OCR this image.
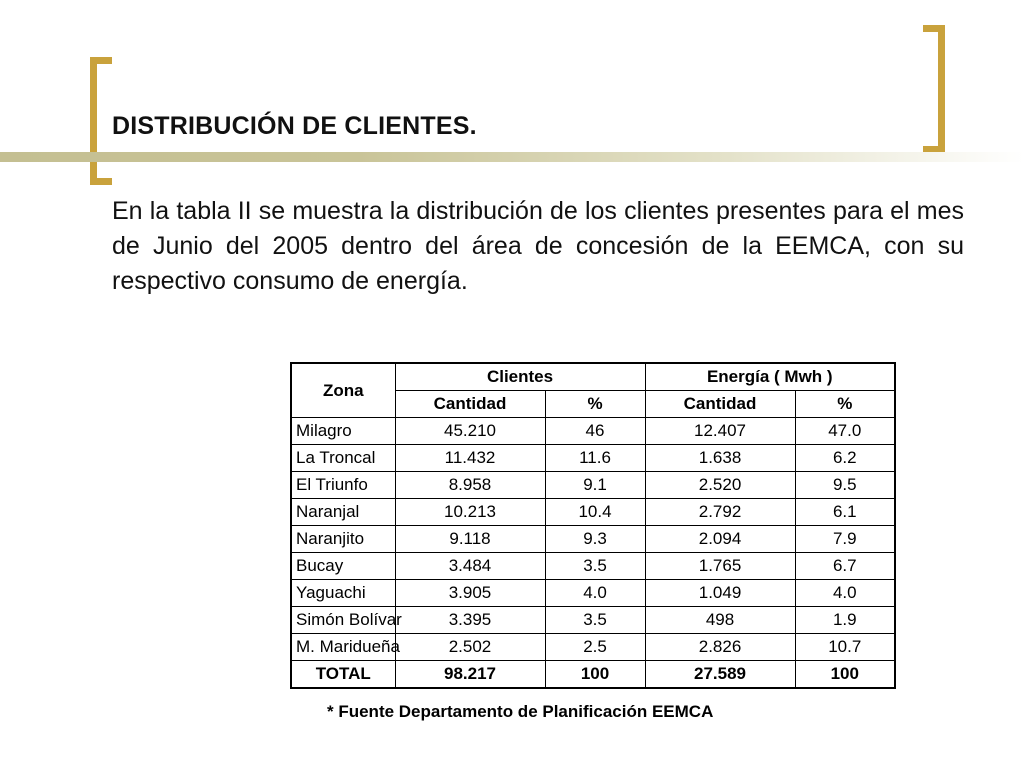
DISTRIBUCIÓN DE CLIENTES.

En la tabla II se muestra la distribución de los clientes presentes para el mes de Junio del 2005 dentro del área de concesión de la EEMCA, con su respectivo consumo de energía.

Zona	Clientes		Energía ( Mwh )	
	Cantidad	%	Cantidad	%
Milagro	45.210	46	12.407	47.0
La Troncal	11.432	11.6	1.638	6.2
El Triunfo	8.958	9.1	2.520	9.5
Naranjal	10.213	10.4	2.792	6.1
Naranjito	9.118	9.3	2.094	7.9
Bucay	3.484	3.5	1.765	6.7
Yaguachi	3.905	4.0	1.049	4.0
Simón Bolívar	3.395	3.5	498	1.9
M. Maridueña	2.502	2.5	2.826	10.7
TOTAL	98.217	100	27.589	100

* Fuente Departamento de Planificación EEMCA
